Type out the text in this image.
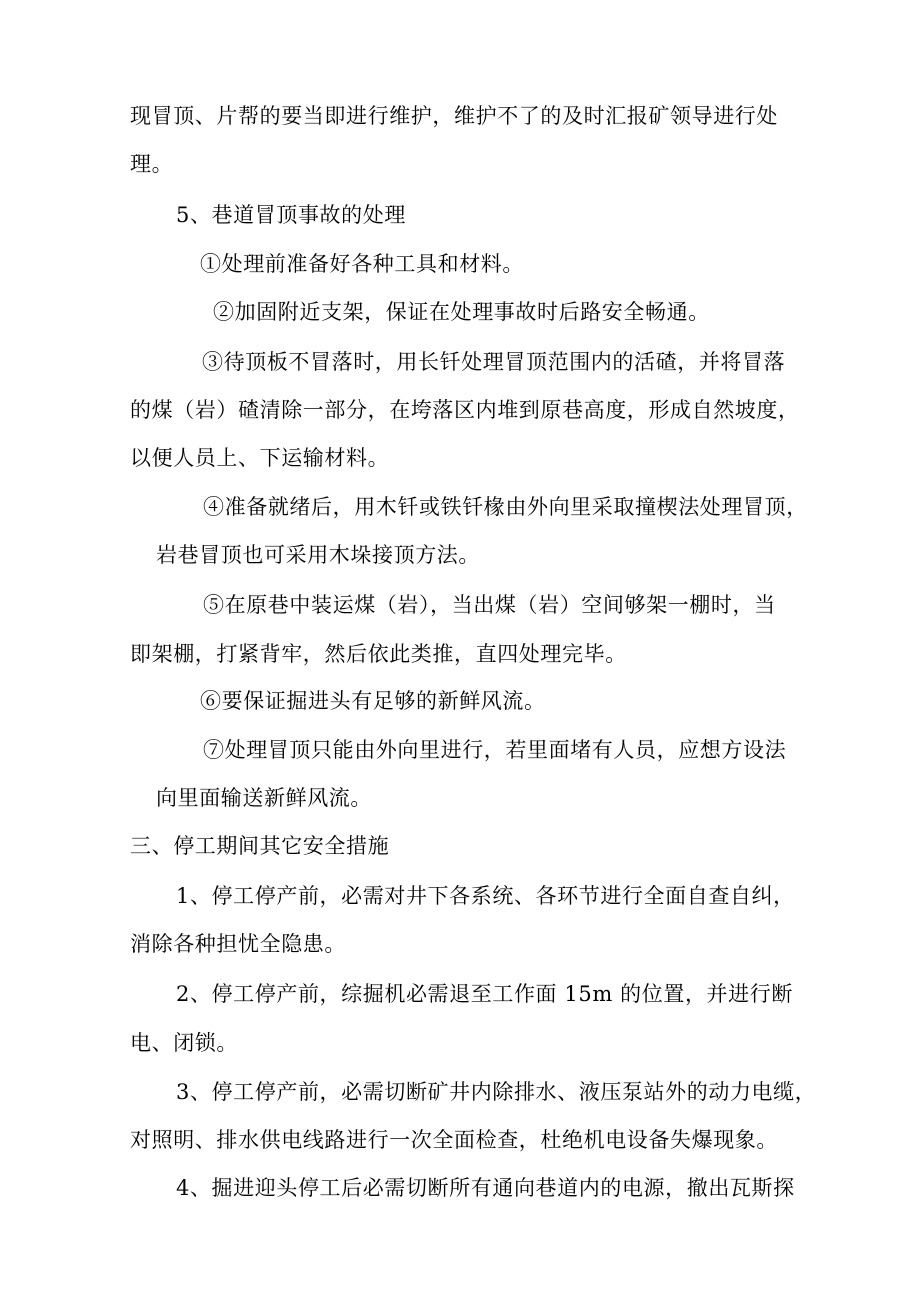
现冒顶、片帮的要当即进行维护，维护不了的及时汇报矿领导进行处
理。
5、巷道冒顶事故的处理
①处理前准备好各种工具和材料。
②加固附近支架，保证在处理事故时后路安全畅通。
③待顶板不冒落时，用长钎处理冒顶范围内的活碴，并将冒落
的煤（岩）碴清除一部分，在垮落区内堆到原巷高度，形成自然坡度，
以便人员上、下运输材料。
④准备就绪后，用木钎或铁钎椽由外向里采取撞楔法处理冒顶，
岩巷冒顶也可采用木垛接顶方法。
⑤在原巷中装运煤（岩），当出煤（岩）空间够架一棚时，当
即架棚，打紧背牢，然后依此类推，直四处理完毕。
⑥要保证掘进头有足够的新鲜风流。
⑦处理冒顶只能由外向里进行，若里面堵有人员，应想方设法
向里面输送新鲜风流。
三、停工期间其它安全措施
1、停工停产前，必需对井下各系统、各环节进行全面自查自纠，
消除各种担忧全隐患。
2、停工停产前，综掘机必需退至工作面 15m 的位置，并进行断
电、闭锁。
3、停工停产前，必需切断矿井内除排水、液压泵站外的动力电缆，
对照明、排水供电线路进行一次全面检查，杜绝机电设备失爆现象。
4、掘进迎头停工后必需切断所有通向巷道内的电源，撤出瓦斯探
